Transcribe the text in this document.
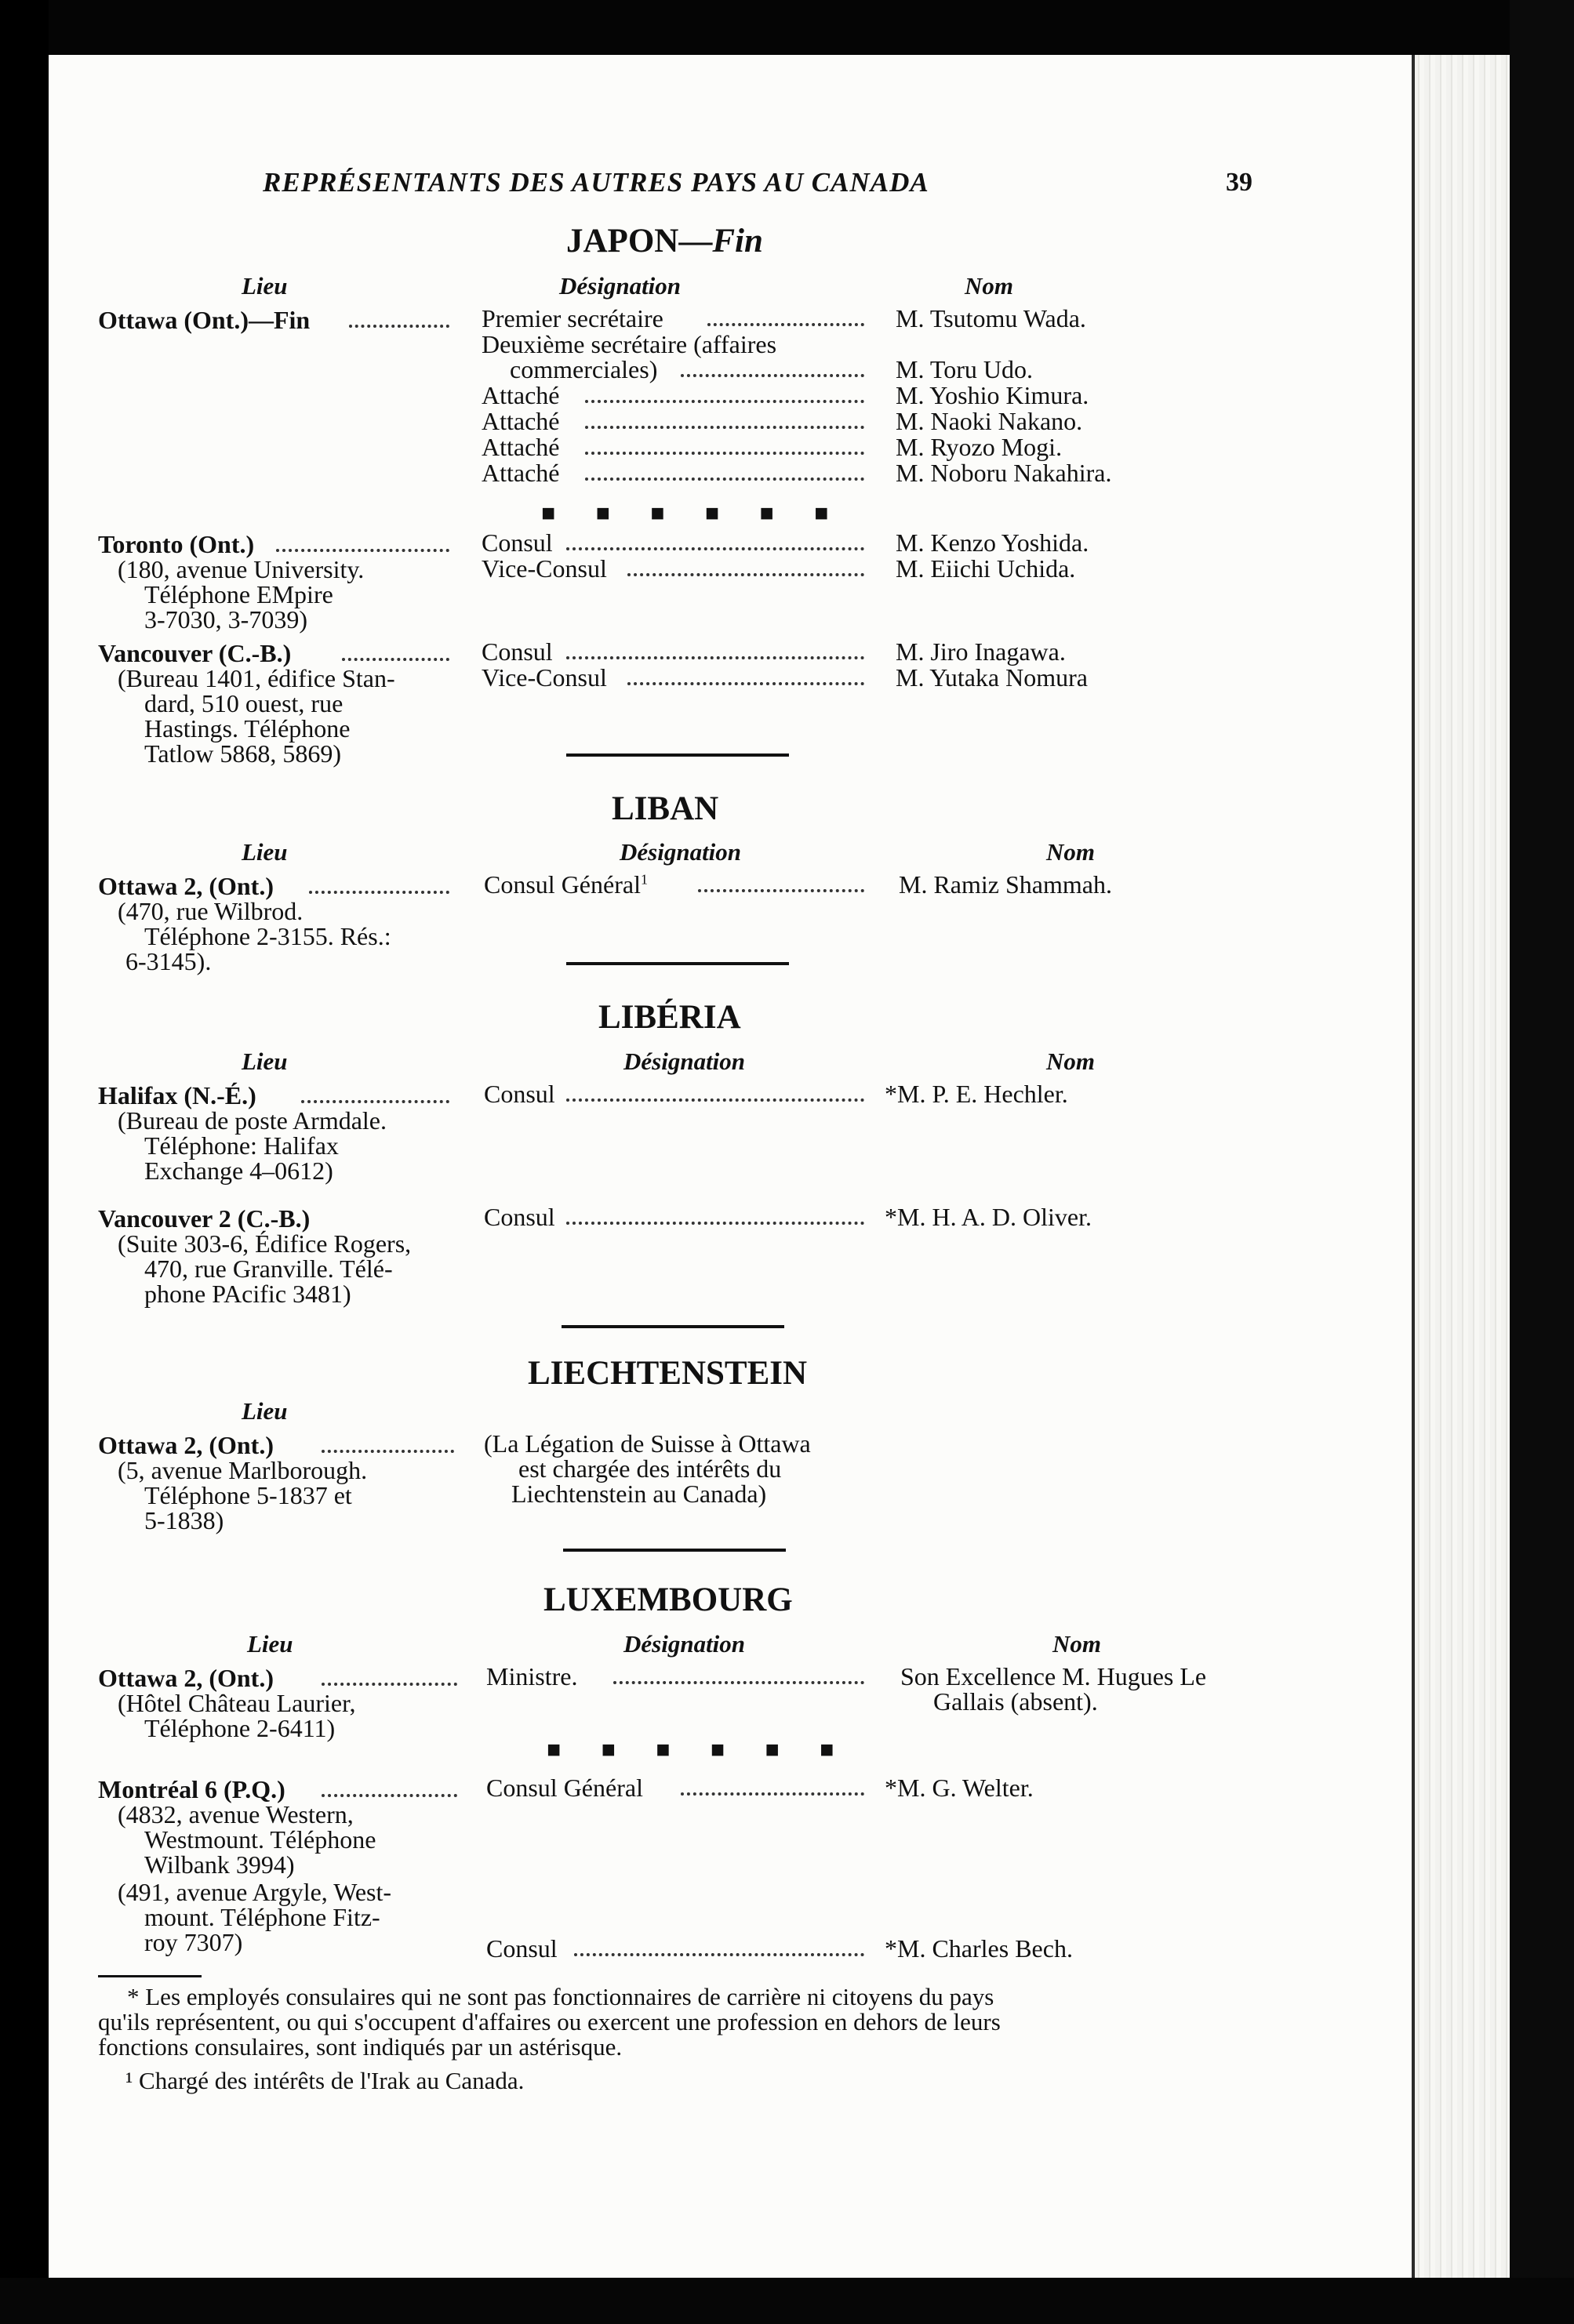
REPRÉSENTANTS DES AUTRES PAYS AU CANADA	39
JAPON—Fin
Lieu	Désignation	Nom
Ottawa (Ont.)—Fin	Premier secrétaire	M. Tsutomu Wada.
Deuxième secrétaire (affaires
commerciales)	M. Toru Udo.
Attaché	M. Yoshio Kimura.
Attaché	M. Naoki Nakano.
Attaché	M. Ryozo Mogi.
Attaché	M. Noboru Nakahira.
■ ■ ■ ■ ■ ■
Toronto (Ont.)
(180, avenue University.
Téléphone EMpire
3-7030, 3-7039)
Consul	M. Kenzo Yoshida.
Vice-Consul	M. Eiichi Uchida.
Vancouver (C.-B.)
(Bureau 1401, édifice Stan-
dard, 510 ouest, rue
Hastings. Téléphone
Tatlow 5868, 5869)
Consul	M. Jiro Inagawa.
Vice-Consul	M. Yutaka Nomura
LIBAN
Lieu	Désignation	Nom
Ottawa 2, (Ont.)
(470, rue Wilbrod.
Téléphone 2-3155. Rés.:
6-3145).
Consul Général$^1$	M. Ramiz Shammah.
LIBÉRIA
Lieu	Désignation	Nom
Halifax (N.-É.)
(Bureau de poste Armdale.
Téléphone: Halifax
Exchange 4–0612)
Consul	*M. P. E. Hechler.
Vancouver 2 (C.-B.)
(Suite 303-6, Édifice Rogers,
470, rue Granville. Télé-
phone PAcific 3481)
Consul	*M. H. A. D. Oliver.
LIECHTENSTEIN
Lieu
Ottawa 2, (Ont.)
(5, avenue Marlborough.
Téléphone 5-1837 et
5-1838)
(La Légation de Suisse à Ottawa
est chargée des intérêts du
Liechtenstein au Canada)
LUXEMBOURG
Lieu	Désignation	Nom
Ottawa 2, (Ont.)
(Hôtel Château Laurier,
Téléphone 2-6411)
Ministre.	Son Excellence M. Hugues Le
Gallais (absent).
■ ■ ■ ■ ■ ■
Montréal 6 (P.Q.)
(4832, avenue Western,
Westmount. Téléphone
Wilbank 3994)
(491, avenue Argyle, West-
mount. Téléphone Fitz-
roy 7307)
Consul Général	*M. G. Welter.
Consul	*M. Charles Bech.
* Les employés consulaires qui ne sont pas fonctionnaires de carrière ni citoyens du pays
qu'ils représentent, ou qui s'occupent d'affaires ou exercent une profession en dehors de leurs
fonctions consulaires, sont indiqués par un astérisque.
¹ Chargé des intérêts de l'Irak au Canada.
